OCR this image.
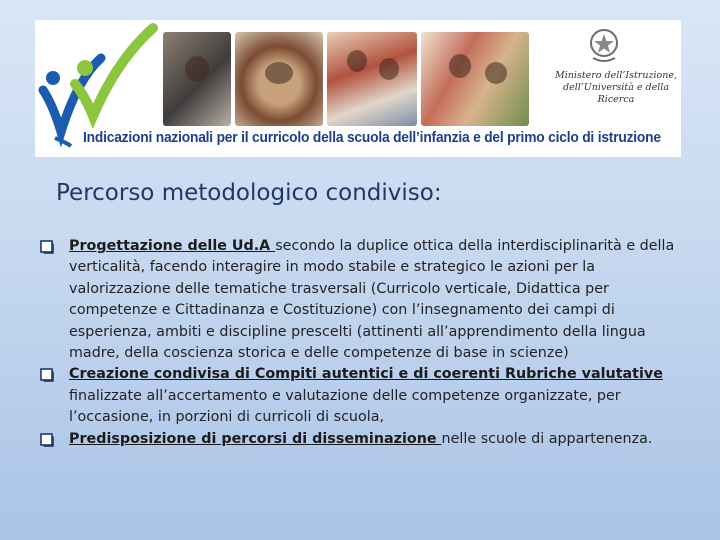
Ministero dell’Istruzione,
dell’Università e della Ricerca

Indicazioni nazionali per il curricolo della scuola dell’infanzia e del primo ciclo di istruzione

Percorso metodologico condiviso:
Progettazione delle Ud.A secondo la duplice ottica della interdisciplinarità e della verticalità, facendo interagire in modo stabile e strategico le azioni per la valorizzazione delle tematiche trasversali (Curricolo verticale, Didattica per competenze e Cittadinanza e Costituzione) con l’insegnamento dei campi di esperienza, ambiti e discipline prescelti (attinenti all’apprendimento della lingua madre, della coscienza storica e delle competenze di base in scienze)
Creazione condivisa di Compiti autentici e di coerenti Rubriche valutative finalizzate all’accertamento e valutazione delle competenze organizzate, per l’occasione, in porzioni di curricoli di scuola,
Predisposizione di percorsi di disseminazione nelle scuole di appartenenza.
